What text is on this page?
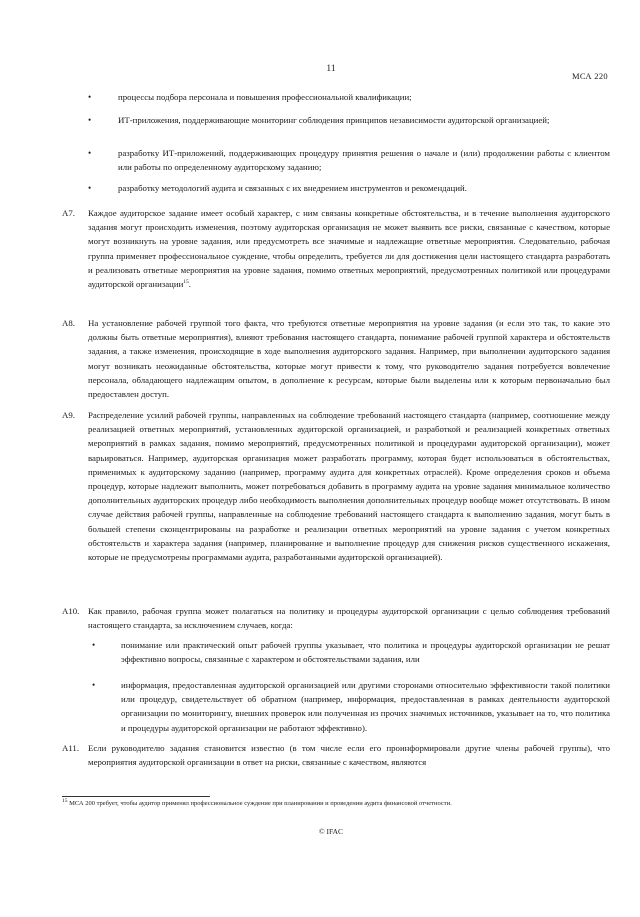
11
МСА 220
•	процессы подбора персонала и повышения профессиональной квалификации;
•	ИТ-приложения, поддерживающие мониторинг соблюдения принципов независимости аудиторской организацией;
•	разработку ИТ-приложений, поддерживающих процедуру принятия решения о начале и (или) продолжении работы с клиентом или работы по определенному аудиторскому заданию;
•	разработку методологий аудита и связанных с их внедрением инструментов и рекомендаций.
A7. Каждое аудиторское задание имеет особый характер, с ним связаны конкретные обстоятельства, и в течение выполнения аудиторского задания могут происходить изменения, поэтому аудиторская организация не может выявить все риски, связанные с качеством, которые могут возникнуть на уровне задания, или предусмотреть все значимые и надлежащие ответные мероприятия. Следовательно, рабочая группа применяет профессиональное суждение, чтобы определить, требуется ли для достижения цели настоящего стандарта разработать и реализовать ответные мероприятия на уровне задания, помимо ответных мероприятий, предусмотренных политикой или процедурами аудиторской организации$^{15}$.
A8. На установление рабочей группой того факта, что требуются ответные мероприятия на уровне задания (и если это так, то какие это должны быть ответные мероприятия), влияют требования настоящего стандарта, понимание рабочей группой характера и обстоятельств задания, а также изменения, происходящие в ходе выполнения аудиторского задания. Например, при выполнении аудиторского задания могут возникать неожиданные обстоятельства, которые могут привести к тому, что руководителю задания потребуется вовлечение персонала, обладающего надлежащим опытом, в дополнение к ресурсам, которые были выделены или к которым первоначально был предоставлен доступ.
A9. Распределение усилий рабочей группы, направленных на соблюдение требований настоящего стандарта (например, соотношение между реализацией ответных мероприятий, установленных аудиторской организацией, и разработкой и реализацией конкретных ответных мероприятий в рамках задания, помимо мероприятий, предусмотренных политикой и процедурами аудиторской организации), может варьироваться. Например, аудиторская организация может разработать программу, которая будет использоваться в обстоятельствах, применимых к аудиторскому заданию (например, программу аудита для конкретных отраслей). Кроме определения сроков и объема процедур, которые надлежит выполнить, может потребоваться добавить в программу аудита на уровне задания минимальное количество дополнительных аудиторских процедур либо необходимость выполнения дополнительных процедур вообще может отсутствовать. В ином случае действия рабочей группы, направленные на соблюдение требований настоящего стандарта к выполнению задания, могут быть в большей степени сконцентрированы на разработке и реализации ответных мероприятий на уровне задания с учетом конкретных обстоятельств и характера задания (например, планирование и выполнение процедур для снижения рисков существенного искажения, которые не предусмотрены программами аудита, разработанными аудиторской организацией).
A10. Как правило, рабочая группа может полагаться на политику и процедуры аудиторской организации с целью соблюдения требований настоящего стандарта, за исключением случаев, когда:
•	понимание или практический опыт рабочей группы указывает, что политика и процедуры аудиторской организации не решат эффективно вопросы, связанные с характером и обстоятельствами задания, или
•	информация, предоставленная аудиторской организацией или другими сторонами относительно эффективности такой политики или процедур, свидетельствует об обратном (например, информация, предоставленная в рамках деятельности аудиторской организации по мониторингу, внешних проверок или полученная из прочих значимых источников, указывает на то, что политика и процедуры аудиторской организации не работают эффективно).
A11. Если руководителю задания становится известно (в том числе если его проинформировали другие члены рабочей группы), что мероприятия аудиторской организации в ответ на риски, связанные с качеством, являются
$^{15}$ МСА 200 требует, чтобы аудитор применял профессиональное суждение при планировании и проведении аудита финансовой отчетности.
© IFAC
